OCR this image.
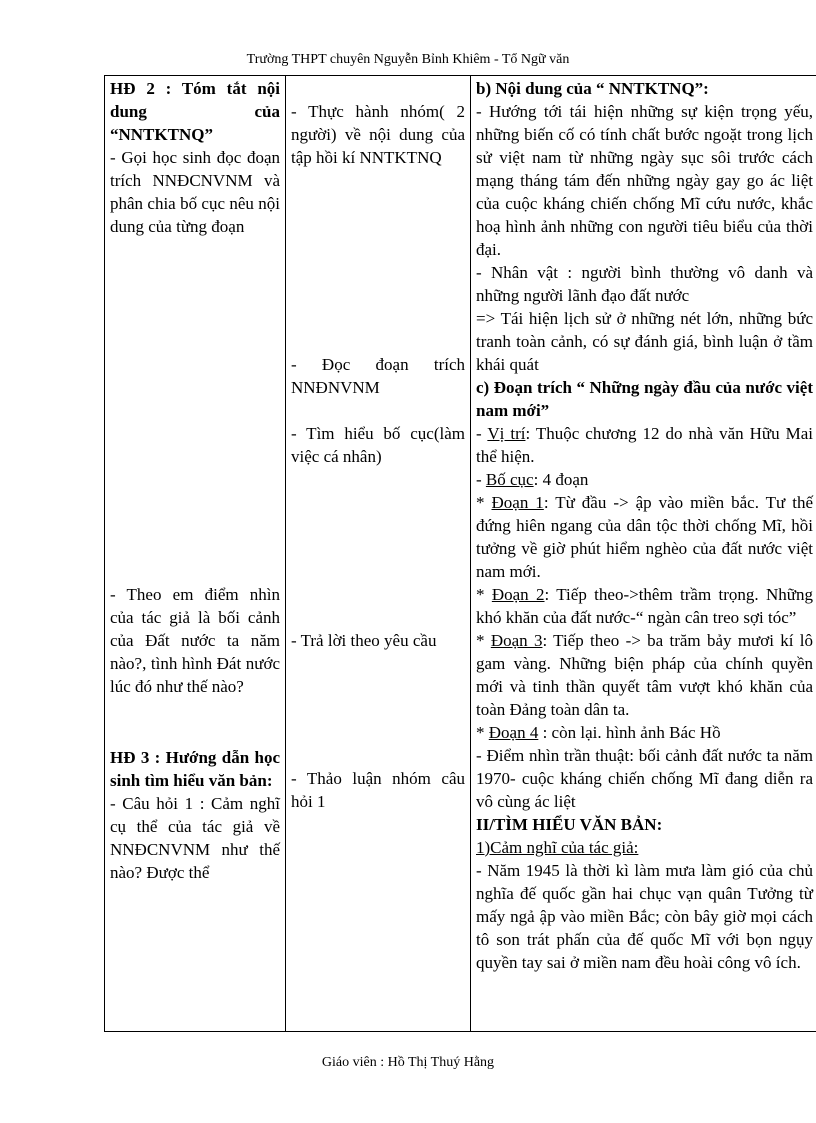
Trường THPT chuyên Nguyễn Bỉnh Khiêm - Tổ Ngữ văn
HĐ 2 : Tóm tắt nội dung của “NNTKTNQ”
- Gọi học sinh đọc đoạn trích NNĐCNVNM và phân chia bố cục nêu nội dung của từng đoạn
- Theo em điểm nhìn của tác giả là bối cảnh của Đất nước ta năm nào?, tình hình Đát nước lúc đó như thế nào?
HĐ 3 : Hướng dẫn học sinh tìm hiểu văn bản:
- Câu hỏi 1 : Cảm nghĩ cụ thể của tác giả về NNĐCNVNM như thế nào? Được thể

- Thực hành nhóm( 2 người) về nội dung của tập hồi kí NNTKTNQ
- Đọc đoạn trích NNĐNVNM
- Tìm hiểu bố cục(làm việc cá nhân)
- Trả lời theo yêu cầu
- Thảo luận nhóm câu hỏi 1

b) Nội dung của “ NNTKTNQ”:
- Hướng tới tái hiện những sự kiện trọng yếu, những biến cố có tính chất bước ngoặt trong lịch sử việt nam từ những ngày sục sôi trước cách mạng tháng tám đến những ngày gay go ác liệt của cuộc kháng chiến chống Mĩ cứu nước, khắc hoạ hình ảnh những con người tiêu biểu của thời đại.
- Nhân vật : người bình thường vô danh và những người lãnh đạo đất nước
=> Tái hiện lịch sử ở những nét lớn, những bức tranh toàn cảnh, có sự đánh giá, bình luận ở tầm khái quát
c) Đoạn trích “ Những ngày đầu của nước việt nam mới”
- Vị trí: Thuộc chương 12 do nhà văn Hữu Mai thể hiện.
- Bố cục: 4 đoạn
* Đoạn 1: Từ đầu -> ập vào miền bắc. Tư thế đứng hiên ngang của dân tộc thời chống Mĩ, hồi tưởng về giờ phút hiểm nghèo của đất nước việt nam mới.
* Đoạn 2: Tiếp theo->thêm trầm trọng. Những khó khăn của đất nước-“ ngàn cân treo sợi tóc”
* Đoạn 3: Tiếp theo -> ba trăm bảy mươi kí lô gam vàng. Những biện pháp của chính quyền mới và tinh thần quyết tâm vượt khó khăn của toàn Đảng toàn dân ta.
* Đoạn 4 : còn lại. hình ảnh Bác Hồ
- Điểm nhìn trần thuật: bối cảnh đất nước ta năm 1970- cuộc kháng chiến chống Mĩ đang diễn ra vô cùng ác liệt
II/TÌM HIỂU VĂN BẢN:
1)Cảm nghĩ của tác giả:
- Năm 1945 là thời kì làm mưa làm gió của chủ nghĩa đế quốc gần hai chục vạn quân Tưởng từ mấy ngả ập vào miền Bắc; còn bây giờ mọi cách tô son trát phấn của đế quốc Mĩ với bọn ngụy quyền tay sai ở miền nam đều hoài công vô ích.
Giáo viên : Hồ Thị Thuý Hằng
